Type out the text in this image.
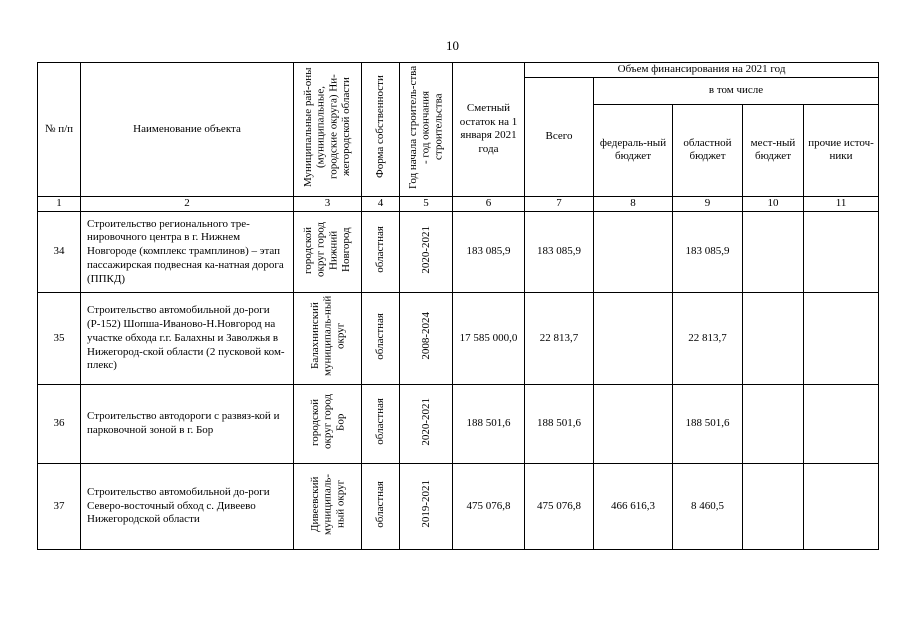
10
№ п/п	Наименование объекта	Муниципальные рай-оны (муниципальные, городские округа) Ни-жегородской области	Форма собственности	Год начала строитель-ства - год окончания строительства	Сметный остаток на 1 января 2021 года	Объем финансирования на 2021 год				
						Всего	в том числе			
							федераль-ный бюджет	областной бюджет	мест-ный бюджет	прочие источ-ники
1	2	3	4	5	6	7	8	9	10	11
34	Строительство регионального тре-нировочного центра в г. Нижнем Новгороде (комплекс трамплинов) – этап пассажирская подвесная ка-натная дорога (ППКД)	городской округ город Нижний Новгород	областная	2020-2021	183 085,9	183 085,9		183 085,9		
35	Строительство автомобильной до-роги (Р-152) Шопша-Иваново-Н.Новгород на участке обхода г.г. Балахны и Заволжья в Нижегород-ской области (2 пусковой ком-плекс)	Балахнинский муниципаль-ный округ	областная	2008-2024	17 585 000,0	22 813,7		22 813,7		
36	Строительство автодороги с развяз-кой и парковочной зоной в г. Бор	городской округ город Бор	областная	2020-2021	188 501,6	188 501,6		188 501,6		
37	Строительство автомобильной до-роги Северо-восточный обход с. Дивеево Нижегородской области	Дивеевский муниципаль-ный округ	областная	2019-2021	475 076,8	475 076,8	466 616,3	8 460,5		
